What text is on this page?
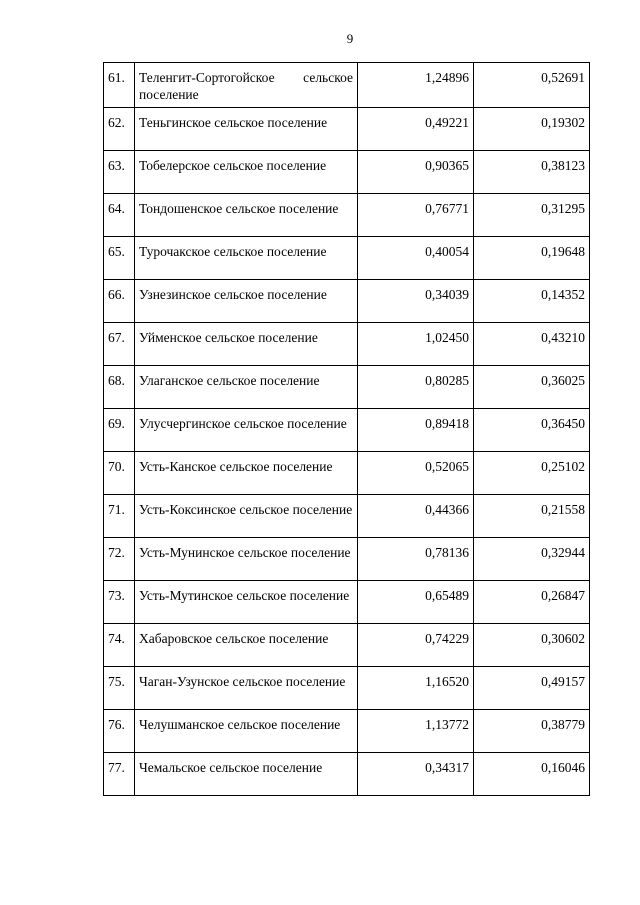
9
61.	Теленгит-Сортогойское сельское поселение	1,24896	0,52691
62.	Теньгинское сельское поселение	0,49221	0,19302
63.	Тобелерское сельское поселение	0,90365	0,38123
64.	Тондошенское сельское поселение	0,76771	0,31295
65.	Турочакское сельское поселение	0,40054	0,19648
66.	Узнезинское сельское поселение	0,34039	0,14352
67.	Уйменское сельское поселение	1,02450	0,43210
68.	Улаганское сельское поселение	0,80285	0,36025
69.	Улусчергинское сельское поселение	0,89418	0,36450
70.	Усть-Канское сельское поселение	0,52065	0,25102
71.	Усть-Коксинское сельское поселение	0,44366	0,21558
72.	Усть-Мунинское сельское поселение	0,78136	0,32944
73.	Усть-Мутинское сельское поселение	0,65489	0,26847
74.	Хабаровское сельское поселение	0,74229	0,30602
75.	Чаган-Узунское сельское поселение	1,16520	0,49157
76.	Челушманское сельское поселение	1,13772	0,38779
77.	Чемальское сельское поселение	0,34317	0,16046
